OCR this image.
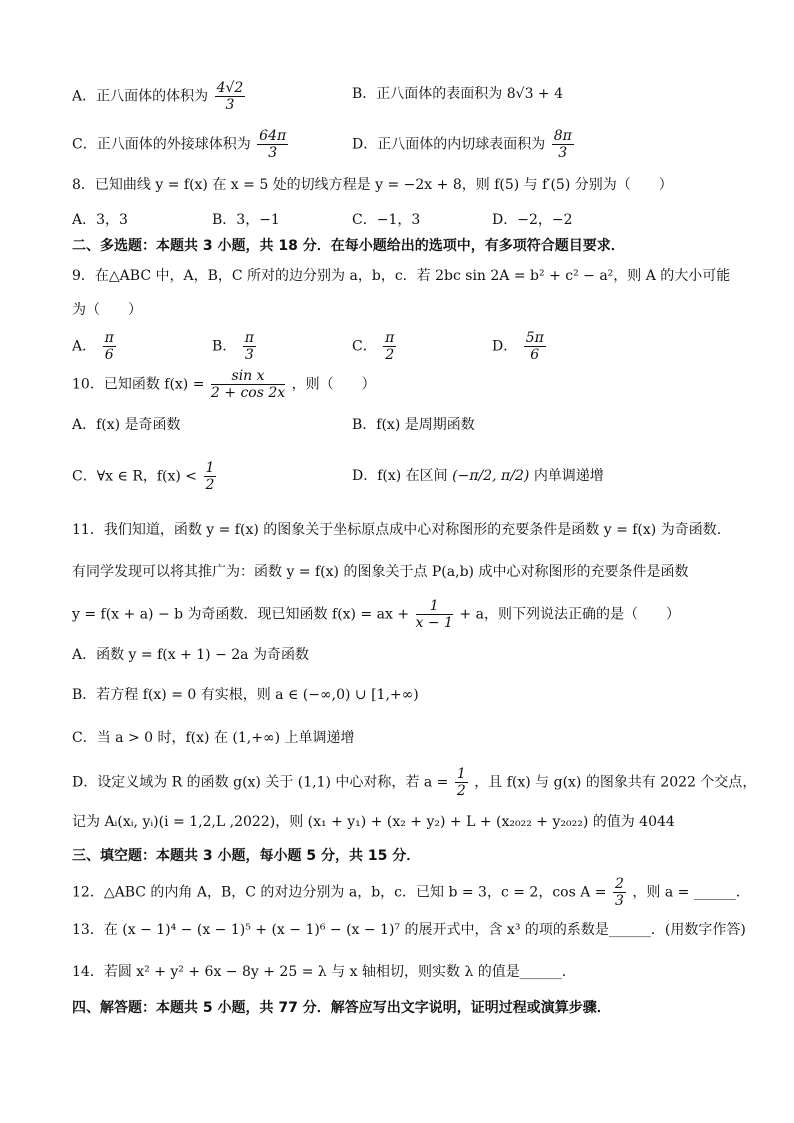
A．正八面体的体积为 $\frac{4√2}{3}$	B．正八面体的表面积为 8√3 + 4
C．正八面体的外接球体积为 $\frac{64\pi}{3}$	D．正八面体的内切球表面积为 $\frac{8\pi}{3}$
8．已知曲线 y = f(x) 在 x = 5 处的切线方程是 y = −2x + 8，则 f(5) 与 f′(5) 分别为（　　）
A．3，3	B．3，−1	C．−1，3	D．−2，−2
二、多选题：本题共 3 小题，共 18 分．在每小题给出的选项中，有多项符合题目要求．
9．在△ABC 中，A，B，C 所对的边分别为 a，b，c．若 2bc sin 2A = b² + c² − a²，则 A 的大小可能
为（　　）
A． $\frac{\pi}{6}$	B． $\frac{\pi}{3}$	C． $\frac{\pi}{2}$	D． $\frac{5\pi}{6}$
10．已知函数 $f(x) = \frac{\text{sin x}}{2 + \cos 2x}$ ，则（　　）
A．f(x) 是奇函数	B．f(x) 是周期函数
C．∀x ∈ R，$f(x) < \frac{1}{2}$	D．f(x) 在区间 (−π/2, π/2) 内单调递增
11．我们知道，函数 y = f(x) 的图象关于坐标原点成中心对称图形的充要条件是函数 y = f(x) 为奇函数.
有同学发现可以将其推广为：函数 y = f(x) 的图象关于点 P(a,b) 成中心对称图形的充要条件是函数
y = f(x + a) − b 为奇函数．现已知函数 f(x) = ax + $\frac{1}{x - 1} + a$，则下列说法正确的是（　　）
A．函数 y = f(x + 1) − 2a 为奇函数
B．若方程 f(x) = 0 有实根，则 a ∈ (−∞,0) ∪ [1,+∞)
C．当 a > 0 时，f(x) 在 (1,+∞) 上单调递增
D．设定义域为 R 的函数 g(x) 关于 (1,1) 中心对称，若 $a = \frac{1}{2}$ ，且 f(x) 与 g(x) 的图象共有 2022 个交点，
记为 Aᵢ(xᵢ, yᵢ)(i = 1,2,L ,2022)，则 (x₁ + y₁) + (x₂ + y₂) + L + (x₂₀₂₂ + y₂₀₂₂) 的值为 4044
三、填空题：本题共 3 小题，每小题 5 分，共 15 分．
12．△ABC 的内角 A，B，C 的对边分别为 a，b，c．已知 b = 3，c = 2，$\cos A = \frac{2}{3}$ ，则 a = ______．
13．在 (x − 1)⁴ − (x − 1)⁵ + (x − 1)⁶ − (x − 1)⁷ 的展开式中，含 x³ 的项的系数是______．(用数字作答)
14．若圆 x² + y² + 6x − 8y + 25 = λ 与 x 轴相切，则实数 λ 的值是______．
四、解答题：本题共 5 小题，共 77 分．解答应写出文字说明，证明过程或演算步骤．
